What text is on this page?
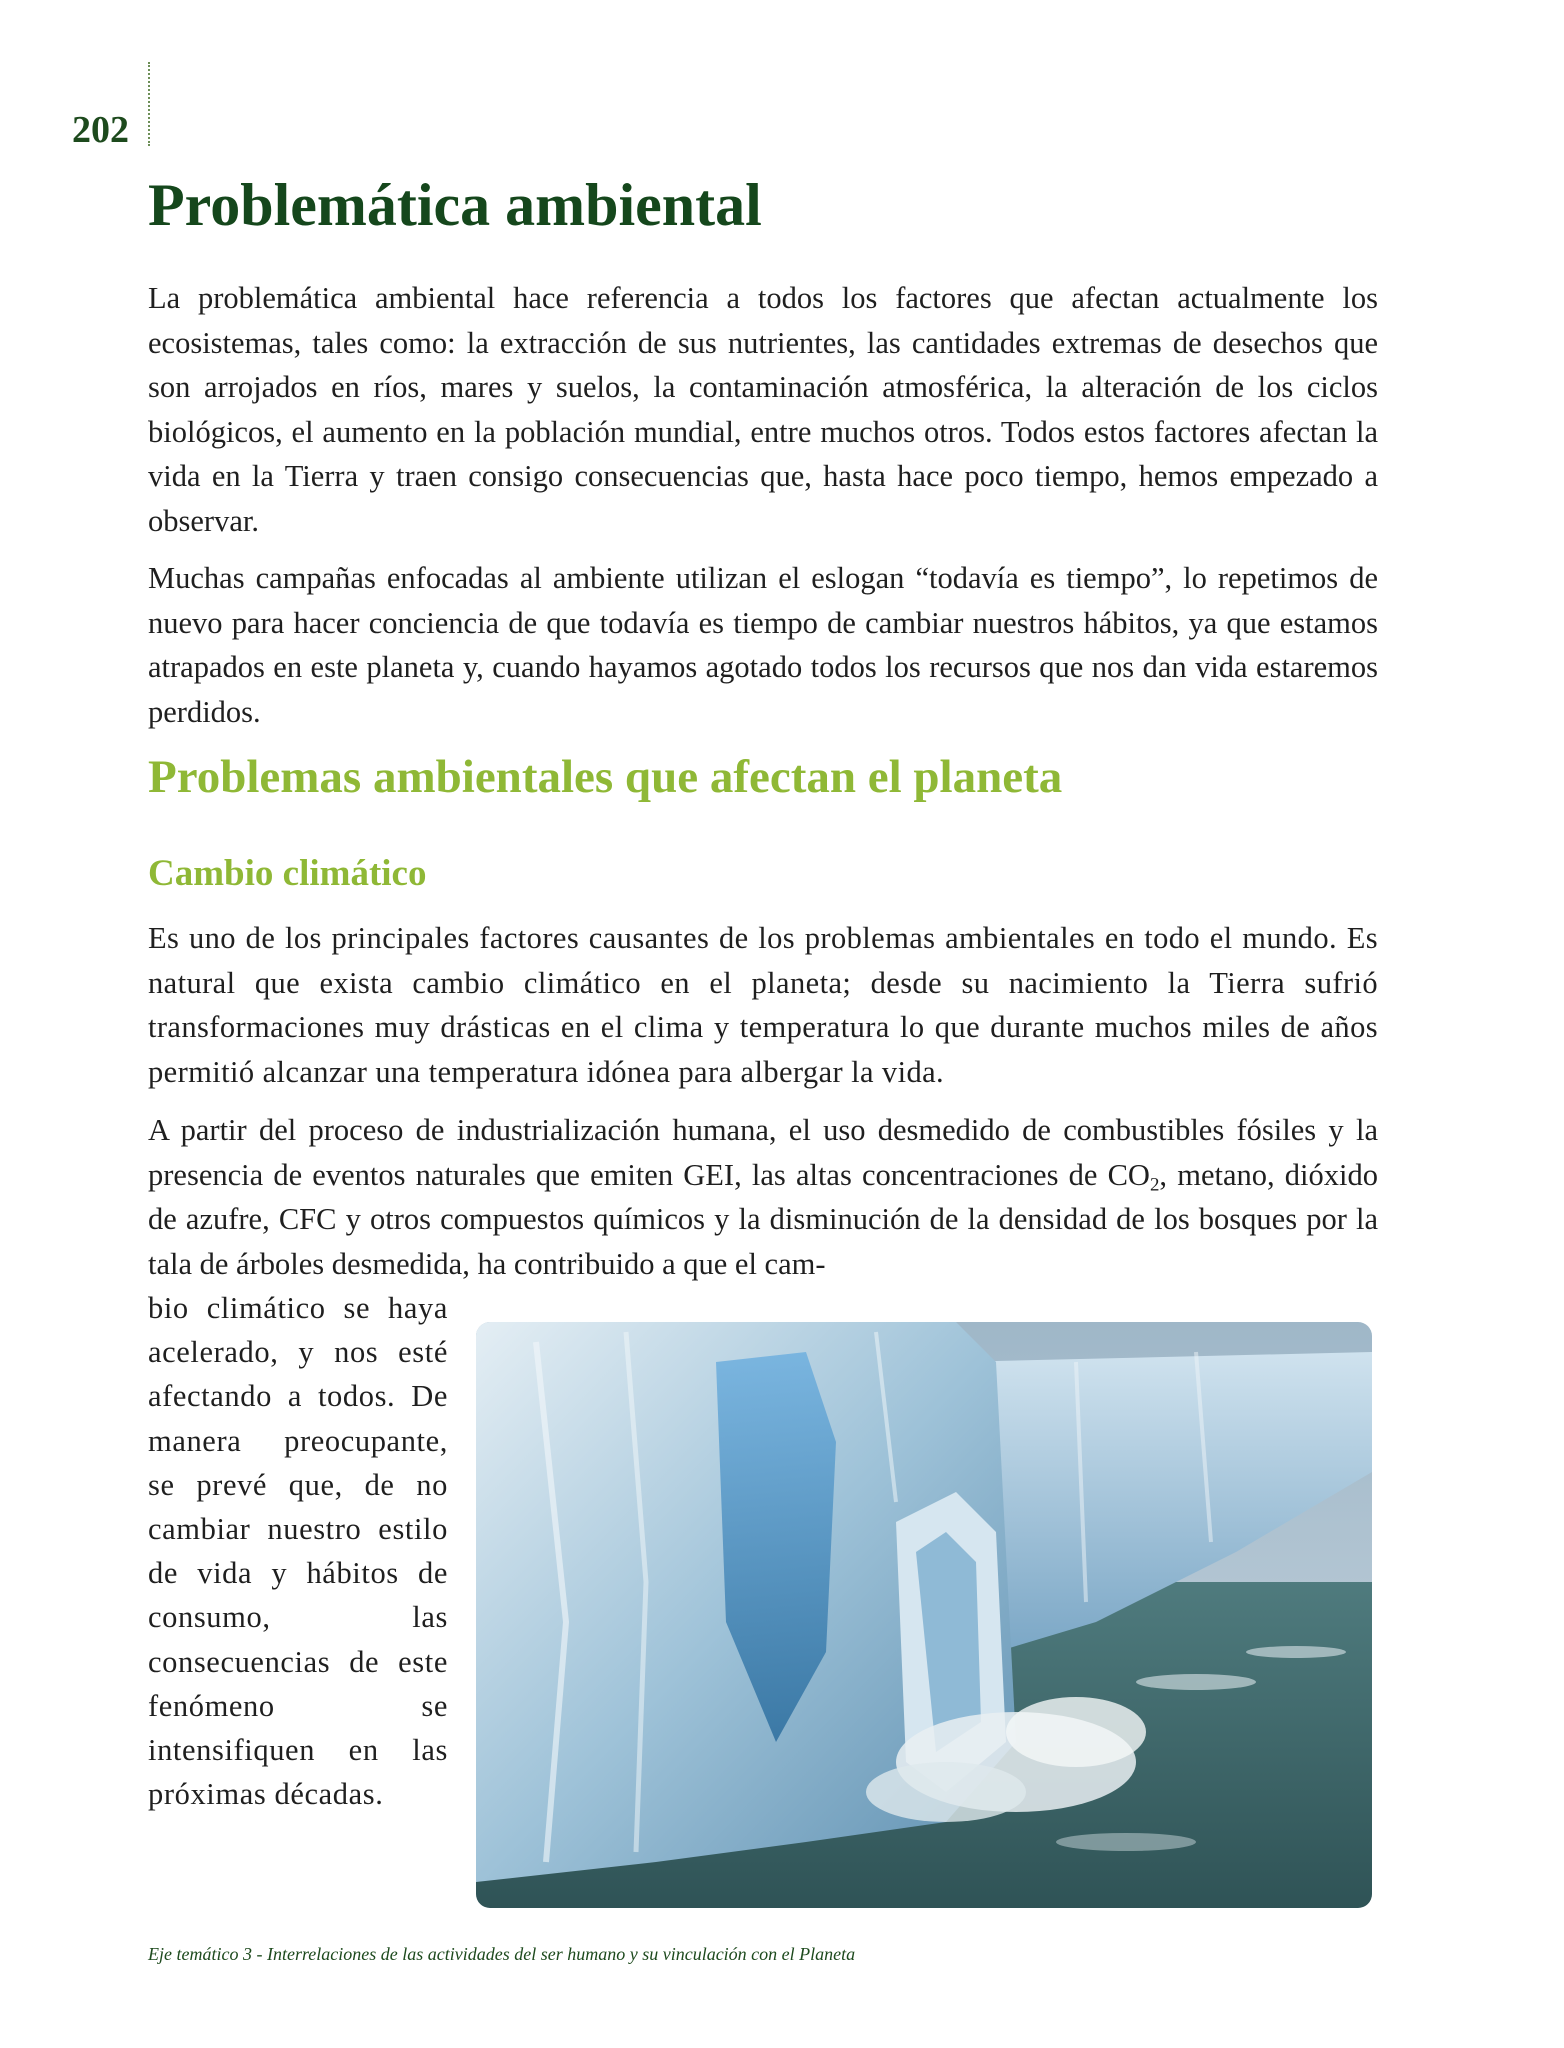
202
Problemática ambiental

La problemática ambiental hace referencia a todos los factores que afectan actualmente los ecosistemas, tales como: la extracción de sus nutrientes, las cantidades extremas de desechos que son arrojados en ríos, mares y suelos, la contaminación atmosférica, la alteración de los ciclos biológicos, el aumento en la población mundial, entre muchos otros. Todos estos factores afectan la vida en la Tierra y traen consigo consecuencias que, hasta hace poco tiempo, hemos empezado a observar.

Muchas campañas enfocadas al ambiente utilizan el eslogan “todavía es tiempo”, lo repetimos de nuevo para hacer conciencia de que todavía es tiempo de cambiar nuestros hábitos, ya que estamos atrapados en este planeta y, cuando hayamos agotado todos los recursos que nos dan vida estaremos perdidos.

Problemas ambientales que afectan el planeta
Cambio climático

Es uno de los principales factores causantes de los problemas ambientales en todo el mundo. Es natural que exista cambio climático en el planeta; desde su nacimiento la Tierra sufrió transformaciones muy drásticas en el clima y temperatura lo que durante muchos miles de años permitió alcanzar una temperatura idónea para albergar la vida.

A partir del proceso de industrialización humana, el uso desmedido de combustibles fósiles y la presencia de eventos naturales que emiten GEI, las altas concentraciones de $CO_2$, metano, dióxido de azufre, CFC y otros compuestos químicos y la disminución de la densidad de los bosques por la tala de árboles desmedida, ha contribuido a que el cam-

bio climático se haya acelerado, y nos esté afectando a todos. De manera preocupante, se prevé que, de no cambiar nuestro estilo de vida y hábitos de consumo, las consecuencias de este fenómeno se intensifiquen en las próximas décadas.

Eje temático 3 - Interrelaciones de las actividades del ser humano y su vinculación con el Planeta
